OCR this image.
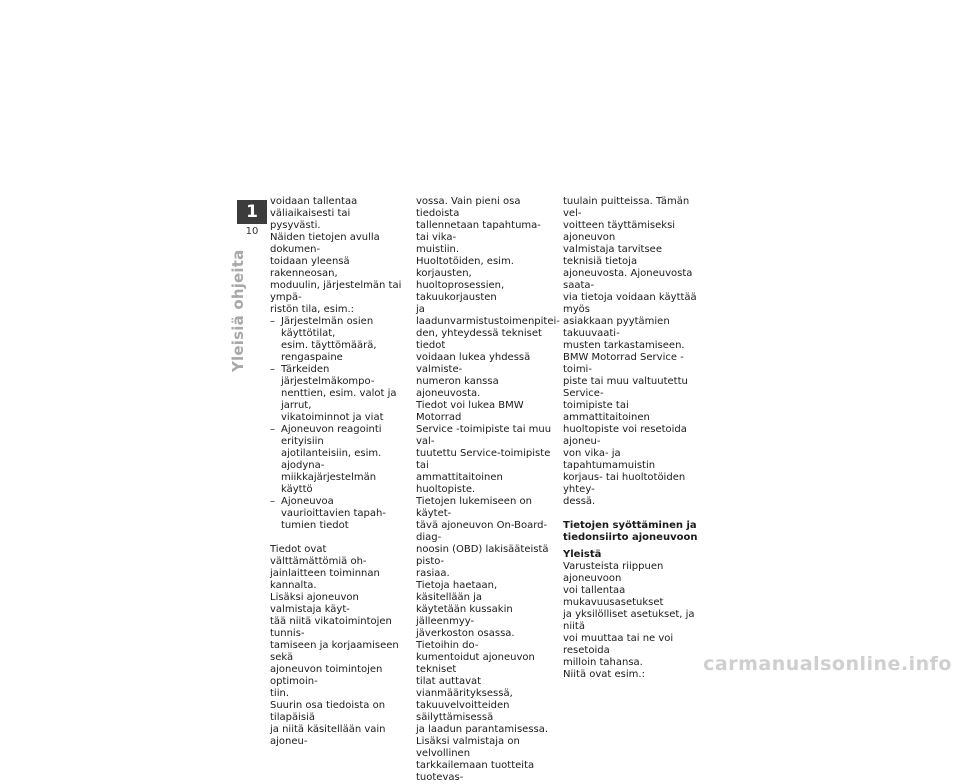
1
10
Yleisiä ohjeita

voidaan tallentaa väliaikaisesti tai
pysyvästi.
Näiden tietojen avulla dokumen-
toidaan yleensä rakenneosan,
moduulin, järjestelmän tai ympä-
ristön tila, esim.:

– Järjestelmän osien käyttötilat,
esim. täyttömäärä, rengaspaine
– Tärkeiden järjestelmäkompo-
nenttien, esim. valot ja jarrut,
vikatoiminnot ja viat
– Ajoneuvon reagointi erityisiin
ajotilanteisiin, esim. ajodyna-
miikkajärjestelmän käyttö
– Ajoneuvoa vaurioittavien tapah-
tumien tiedot

Tiedot ovat välttämättömiä oh-
jainlaitteen toiminnan kannalta.
Lisäksi ajoneuvon valmistaja käyt-
tää niitä vikatoimintojen tunnis-
tamiseen ja korjaamiseen sekä
ajoneuvon toimintojen optimoin-
tiin.
Suurin osa tiedoista on tilapäisiä
ja niitä käsitellään vain ajoneu-

vossa. Vain pieni osa tiedoista
tallennetaan tapahtuma- tai vika-
muistiin.
Huoltotöiden, esim. korjausten,
huoltoprosessien, takuukorjausten
ja laadunvarmistustoimenpitei-
den, yhteydessä tekniset tiedot
voidaan lukea yhdessä valmiste-
numeron kanssa ajoneuvosta.
Tiedot voi lukea BMW Motorrad
Service -toimipiste tai muu val-
tuutettu Service-toimipiste tai
ammattitaitoinen huoltopiste.
Tietojen lukemiseen on käytet-
tävä ajoneuvon On-Board-diag-
noosin (OBD) lakisääteistä pisto-
rasiaa.
Tietoja haetaan, käsitellään ja
käytetään kussakin jälleenmyy-
jäverkoston osassa. Tietoihin do-
kumentoidut ajoneuvon tekniset
tilat auttavat vianmäärityksessä,
takuuvelvoitteiden säilyttämisessä
ja laadun parantamisessa.
Lisäksi valmistaja on velvollinen
tarkkailemaan tuotteita tuotevas-

tuulain puitteissa. Tämän vel-
voitteen täyttämiseksi ajoneuvon
valmistaja tarvitsee teknisiä tietoja
ajoneuvosta. Ajoneuvosta saata-
via tietoja voidaan käyttää myös
asiakkaan pyytämien takuuvaati-
musten tarkastamiseen.
BMW Motorrad Service -toimi-
piste tai muu valtuutettu Service-
toimipiste tai ammattitaitoinen
huoltopiste voi resetoida ajoneu-
von vika- ja tapahtumamuistin
korjaus- tai huoltotöiden yhtey-
dessä.

Tietojen syöttäminen ja
tiedonsiirto ajoneuvoon
Yleistä

Varusteista riippuen ajoneuvoon
voi tallentaa mukavuusasetukset
ja yksilölliset asetukset, ja niitä
voi muuttaa tai ne voi resetoida
milloin tahansa.
Niitä ovat esim.:	carmanualsonline.info
